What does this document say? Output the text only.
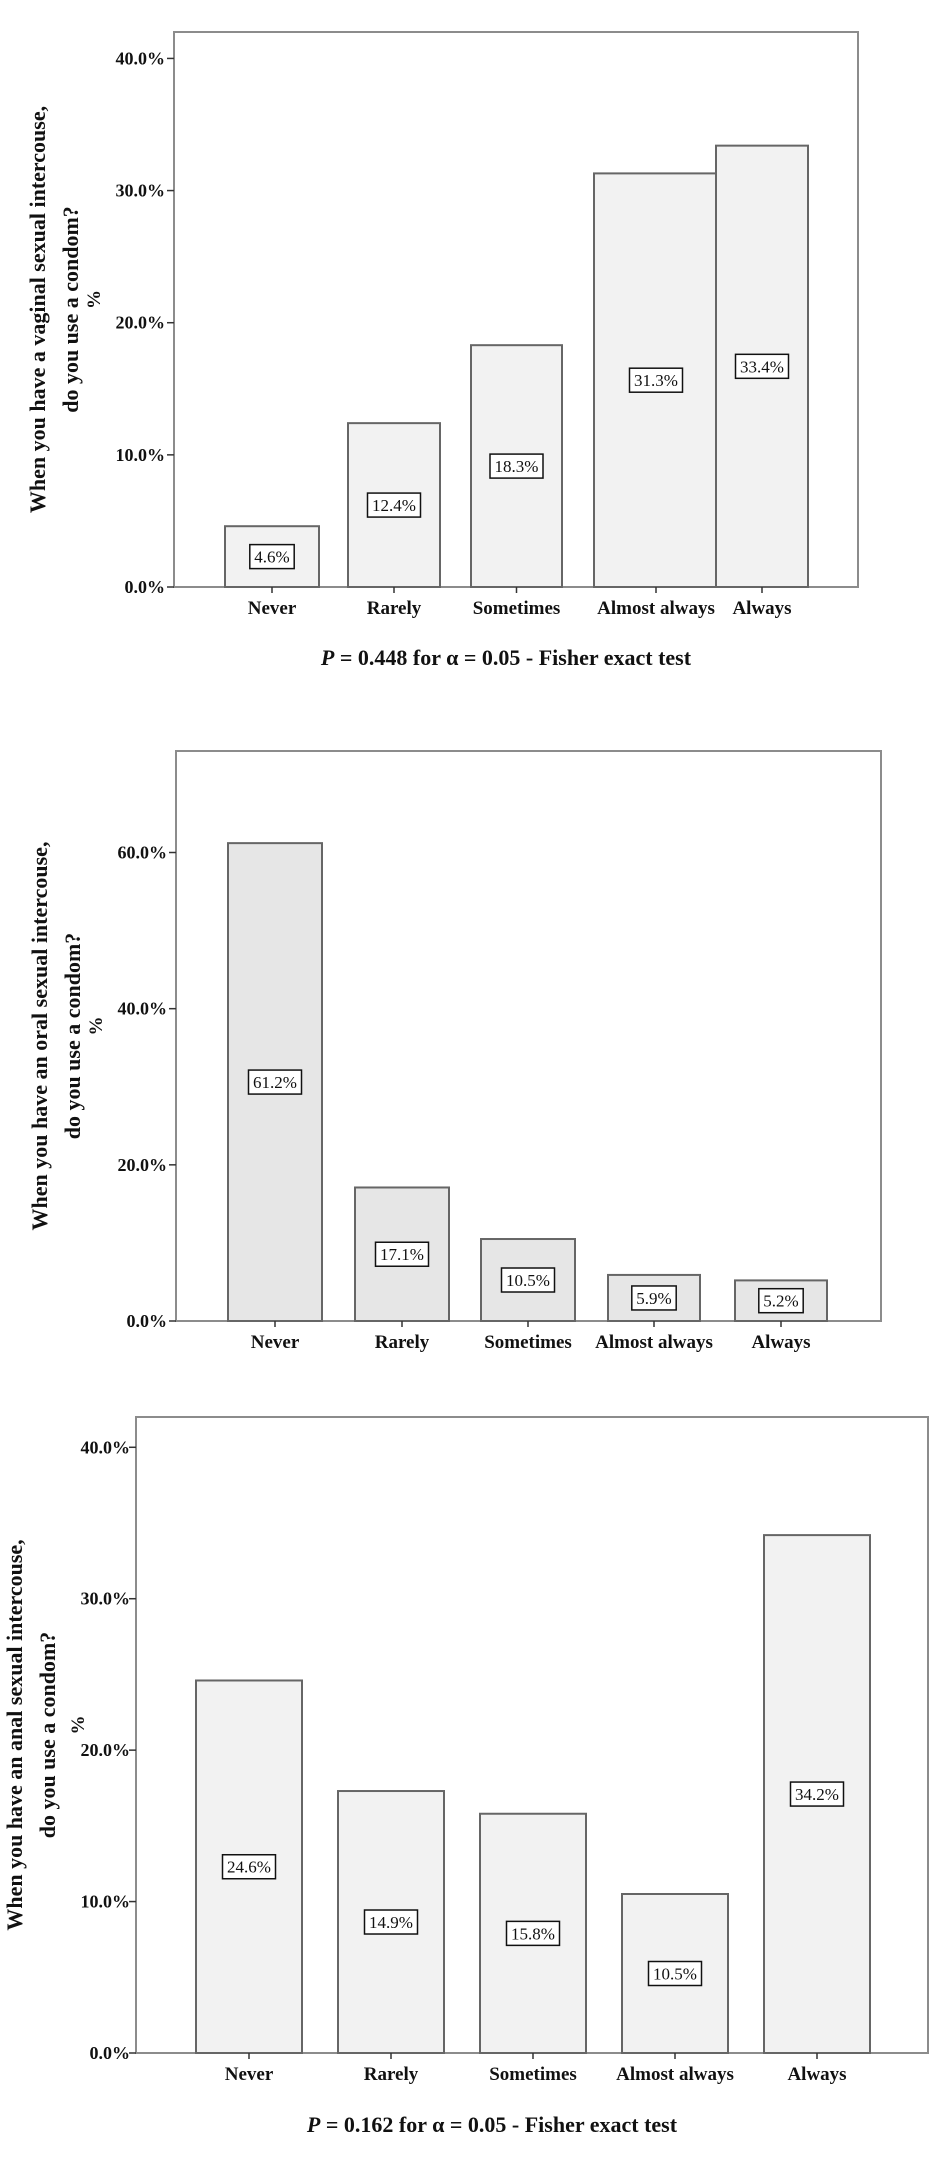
0.0%
10.0%
20.0%
30.0%
40.0%
%
When you have a vaginal sexual intercouse, do you use a condom?
4.6%
Never
12.4%
Rarely
18.3%
Sometimes
31.3%
Almost always
33.4%
Always
P = 0.448 for α = 0.05 - Fisher exact test
0.0%
20.0%
40.0%
60.0%
%
When you have an oral sexual intercouse, do you use a condom?	61.2%
Never
17.1%
Rarely
10.5%
Sometimes
5.9%
Almost always
5.2%
Always
0.0%
10.0%
20.0%
30.0%
40.0%
%
When you have an anal sexual intercouse, do you use a condom?
24.6%
Never
14.9%
Rarely
15.8%
Sometimes
10.5%
Almost always
34.2%
Always
P = 0.162 for α = 0.05 - Fisher exact test
